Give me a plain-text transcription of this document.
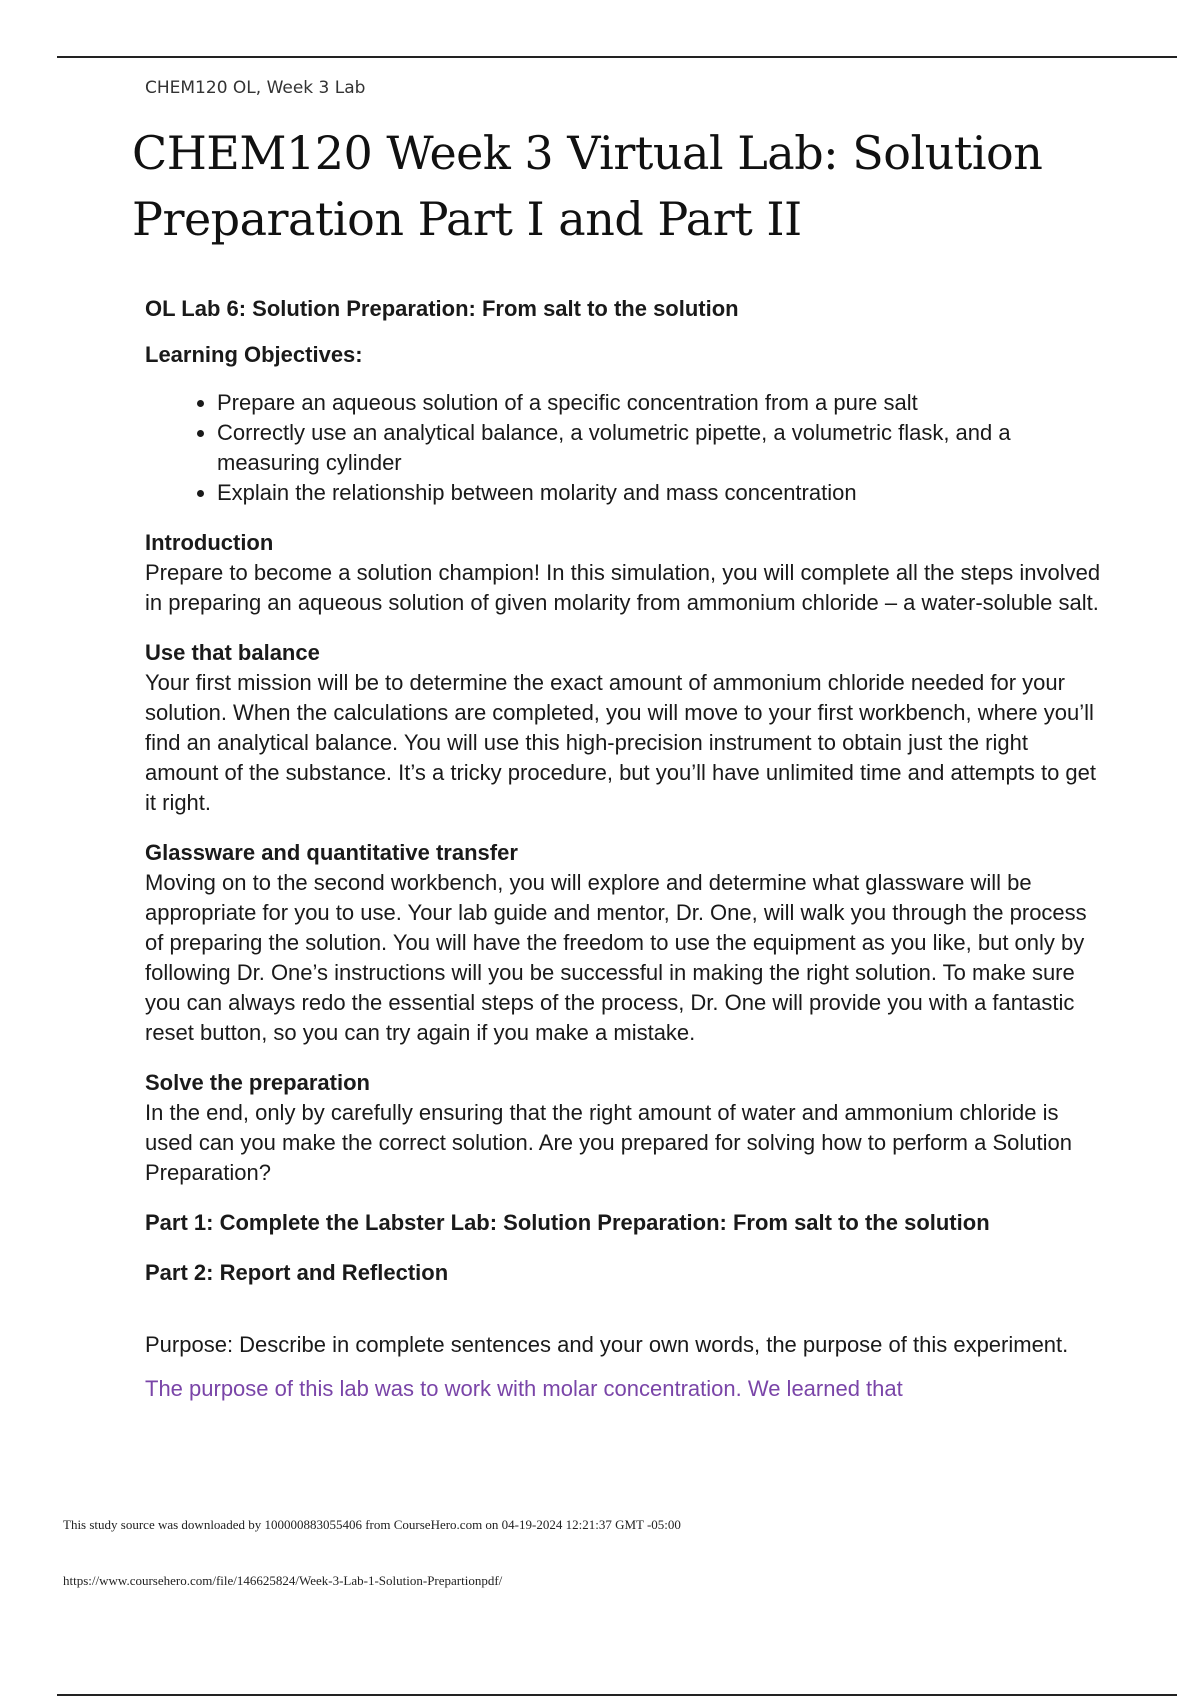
CHEM120 OL, Week 3 Lab
CHEM120 Week 3 Virtual Lab: Solution Preparation Part I and Part II
OL Lab 6: Solution Preparation: From salt to the solution
Learning Objectives:
• Prepare an aqueous solution of a specific concentration from a pure salt
• Correctly use an analytical balance, a volumetric pipette, a volumetric flask, and a measuring cylinder
• Explain the relationship between molarity and mass concentration
Introduction

Prepare to become a solution champion! In this simulation, you will complete all the steps involved in preparing an aqueous solution of given molarity from ammonium chloride – a water-soluble salt.

Use that balance

Your first mission will be to determine the exact amount of ammonium chloride needed for your solution. When the calculations are completed, you will move to your first workbench, where you’ll find an analytical balance. You will use this high-precision instrument to obtain just the right amount of the substance. It’s a tricky procedure, but you’ll have unlimited time and attempts to get it right.

Glassware and quantitative transfer

Moving on to the second workbench, you will explore and determine what glassware will be appropriate for you to use. Your lab guide and mentor, Dr. One, will walk you through the process of preparing the solution. You will have the freedom to use the equipment as you like, but only by following Dr. One’s instructions will you be successful in making the right solution. To make sure you can always redo the essential steps of the process, Dr. One will provide you with a fantastic reset button, so you can try again if you make a mistake.

Solve the preparation

In the end, only by carefully ensuring that the right amount of water and ammonium chloride is used can you make the correct solution. Are you prepared for solving how to perform a Solution Preparation?

Part 1: Complete the Labster Lab: Solution Preparation: From salt to the solution
Part 2: Report and Reflection

Purpose: Describe in complete sentences and your own words, the purpose of this experiment.

The purpose of this lab was to work with molar concentration. We learned that

This study source was downloaded by 100000883055406 from CourseHero.com on 04-19-2024 12:21:37 GMT -05:00
https://www.coursehero.com/file/146625824/Week-3-Lab-1-Solution-Prepartionpdf/
